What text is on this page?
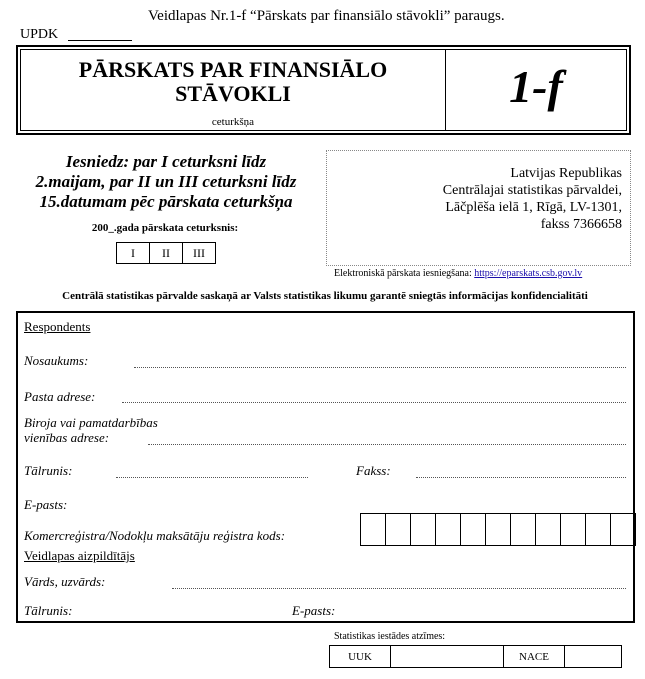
Veidlapas Nr.1-f “Pārskats par finansiālo stāvokli” paraugs.
UPDK
PĀRSKATS PAR FINANSIĀLO
STĀVOKLI
ceturkšņa
1-f
Iesniedz: par I ceturksni līdz
2.maijam, par II un III ceturksni līdz
15.datumam pēc pārskata ceturkšņa
200_.gada pārskata ceturksnis:
I	II	III
Latvijas Republikas
Centrālajai statistikas pārvaldei,
Lāčplēša ielā 1, Rīgā, LV-1301,
fakss 7366658
Elektroniskā pārskata iesniegšana: https://eparskats.csb.gov.lv
Centrālā statistikas pārvalde saskaņā ar Valsts statistikas likumu garantē sniegtās informācijas konfidencialitāti
Respondents
Nosaukums:
Pasta adrese:
Biroja vai pamatdarbības
vienības adrese:
Tālrunis:	Fakss:
E-pasts:
Komercreģistra/Nodokļu maksātāju reģistra kods:
Veidlapas aizpildītājs
Vārds, uzvārds:
Tālrunis:	E-pasts:
Statistikas iestādes atzīmes:
UUK	NACE
